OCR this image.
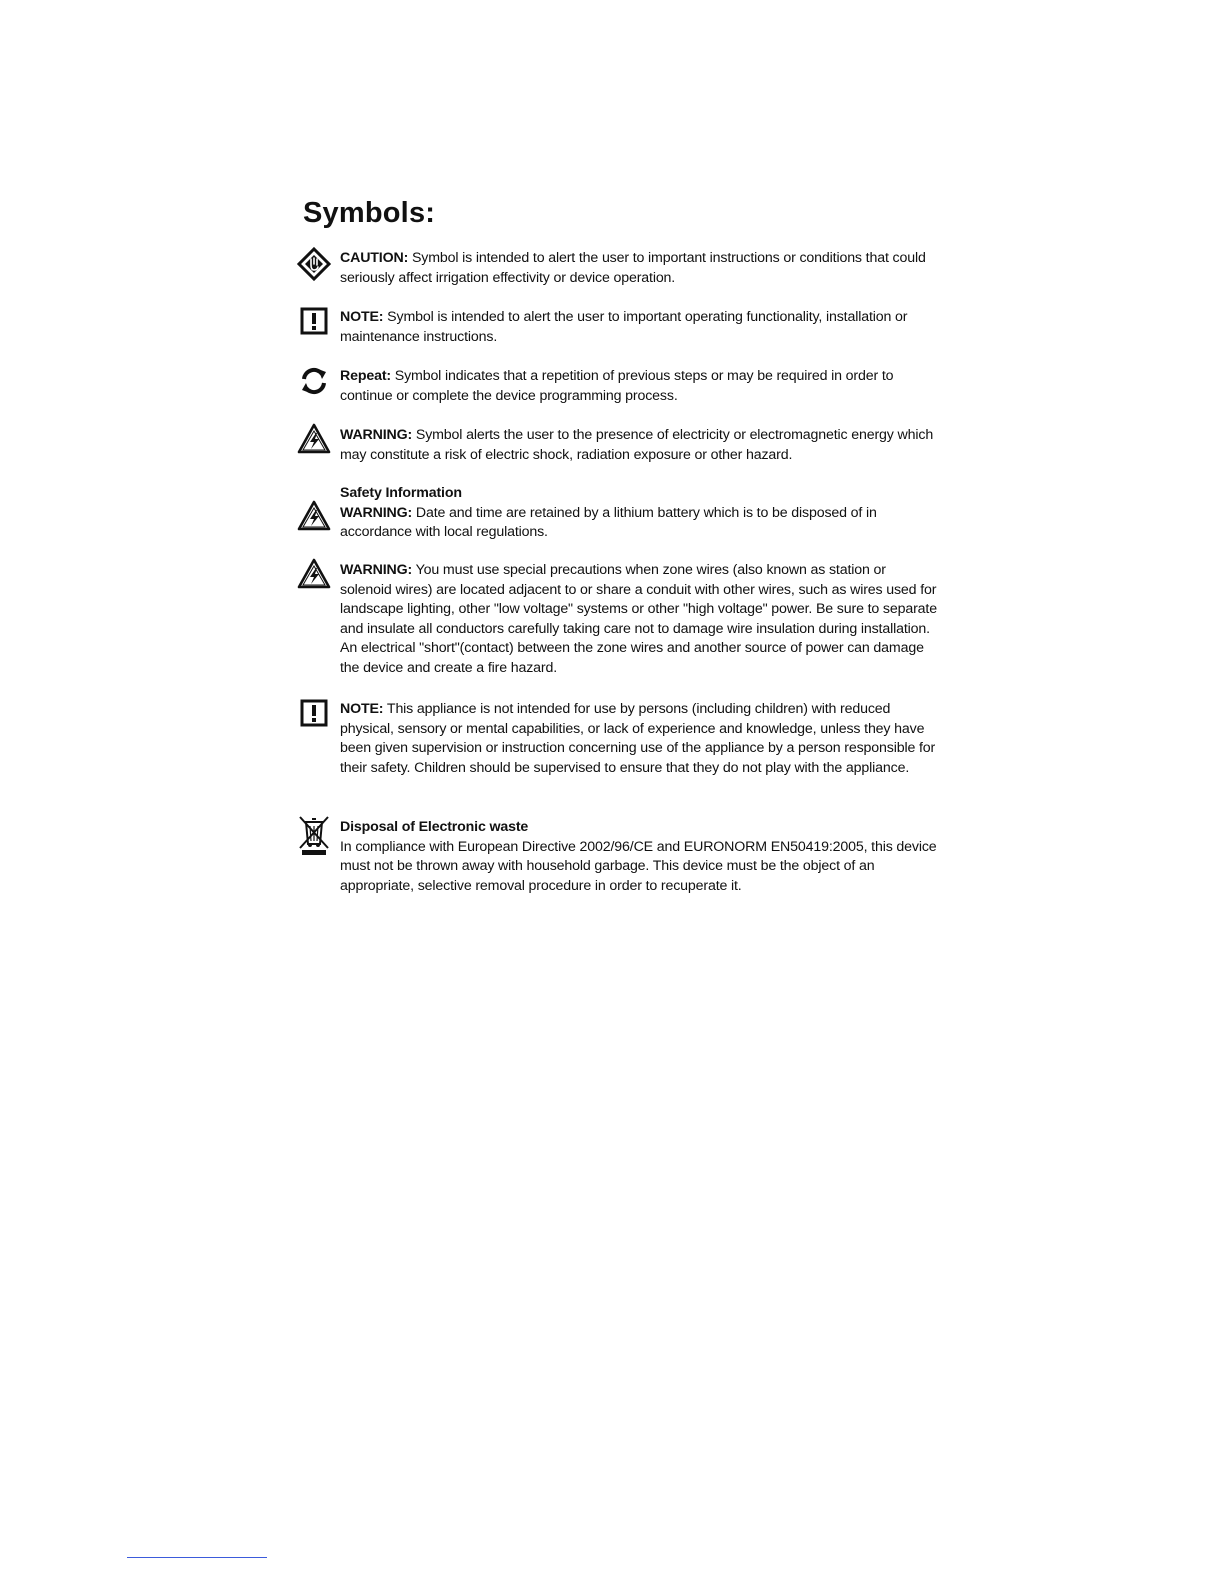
Symbols:

CAUTION: Symbol is intended to alert the user to important instructions or conditions that could seriously affect irrigation effectivity or device operation.

NOTE: Symbol is intended to alert the user to important operating functionality, installation or maintenance instructions.

Repeat: Symbol indicates that a repetition of previous steps or may be required in order to continue or complete the device programming process.

WARNING: Symbol alerts the user to the presence of electricity or electromagnetic energy which may constitute a risk of electric shock, radiation exposure or other hazard.

Safety Information

WARNING: Date and time are retained by a lithium battery which is to be disposed of in accordance with local regulations.

WARNING: You must use special precautions when zone wires (also known as station or solenoid wires) are located adjacent to or share a conduit with other wires, such as wires used for landscape lighting, other "low voltage" systems or other "high voltage" power. Be sure to separate and insulate all conductors carefully taking care not to damage wire insulation during installation. An electrical "short"(contact) between the zone wires and another source of power can damage the device and create a fire hazard.

NOTE: This appliance is not intended for use by persons (including children) with reduced physical, sensory or mental capabilities, or lack of experience and knowledge, unless they have been given supervision or instruction concerning use of the appliance by a person responsible for their safety. Children should be supervised to ensure that they do not play with the appliance.

Disposal of Electronic waste

In compliance with European Directive 2002/96/CE and EURONORM EN50419:2005, this device must not be thrown away with household garbage. This device must be the object of an appropriate, selective removal procedure in order to recuperate it.
